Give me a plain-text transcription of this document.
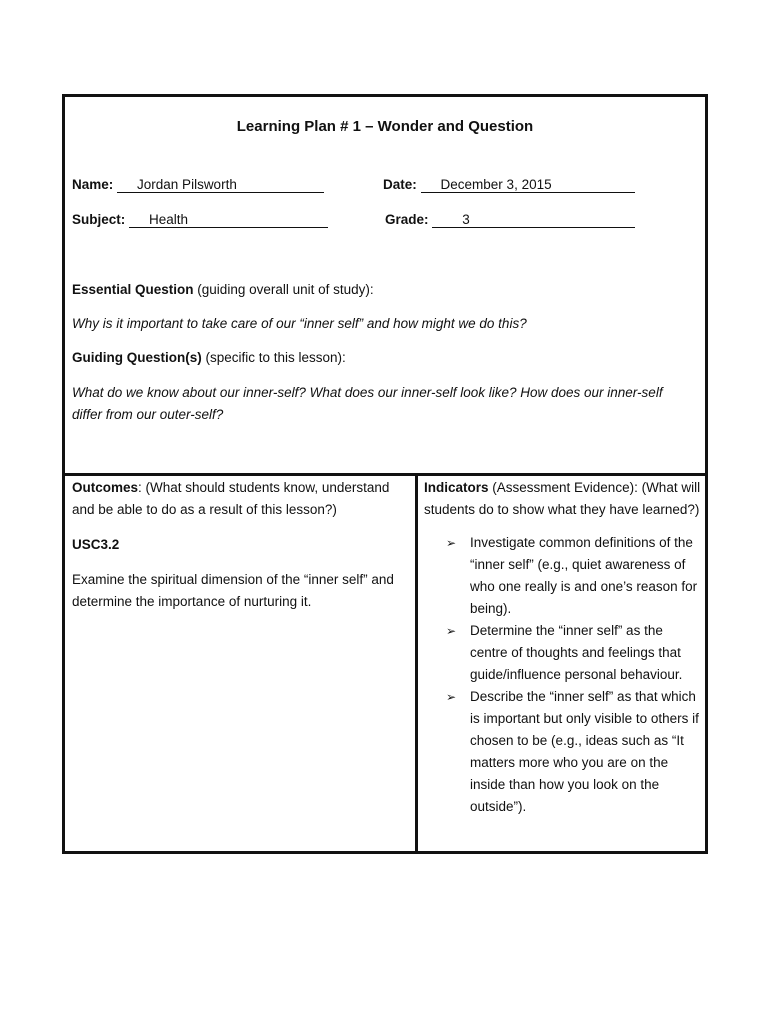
Learning Plan # 1 – Wonder and Question
Name: Jordan Pilsworth	Date: December 3, 2015
Subject: Health	Grade:	3
Essential Question (guiding overall unit of study):
Why is it important to take care of our “inner self” and how might we do this?
Guiding Question(s) (specific to this lesson):
What do we know about our inner-self? What does our inner-self look like? How does our inner-self differ from our outer-self?

Outcomes: (What should students know, understand and be able to do as a result of this lesson?)

USC3.2

Examine the spiritual dimension of the “inner self” and determine the importance of nurturing it.

Indicators (Assessment Evidence): (What will students do to show what they have learned?)

➢ Investigate common definitions of the “inner self” (e.g., quiet awareness of who one really is and one’s reason for being).
➢ Determine the “inner self” as the centre of thoughts and feelings that guide/influence personal behaviour.
➢ Describe the “inner self” as that which is important but only visible to others if chosen to be (e.g., ideas such as “It matters more who you are on the inside than how you look on the outside”).
